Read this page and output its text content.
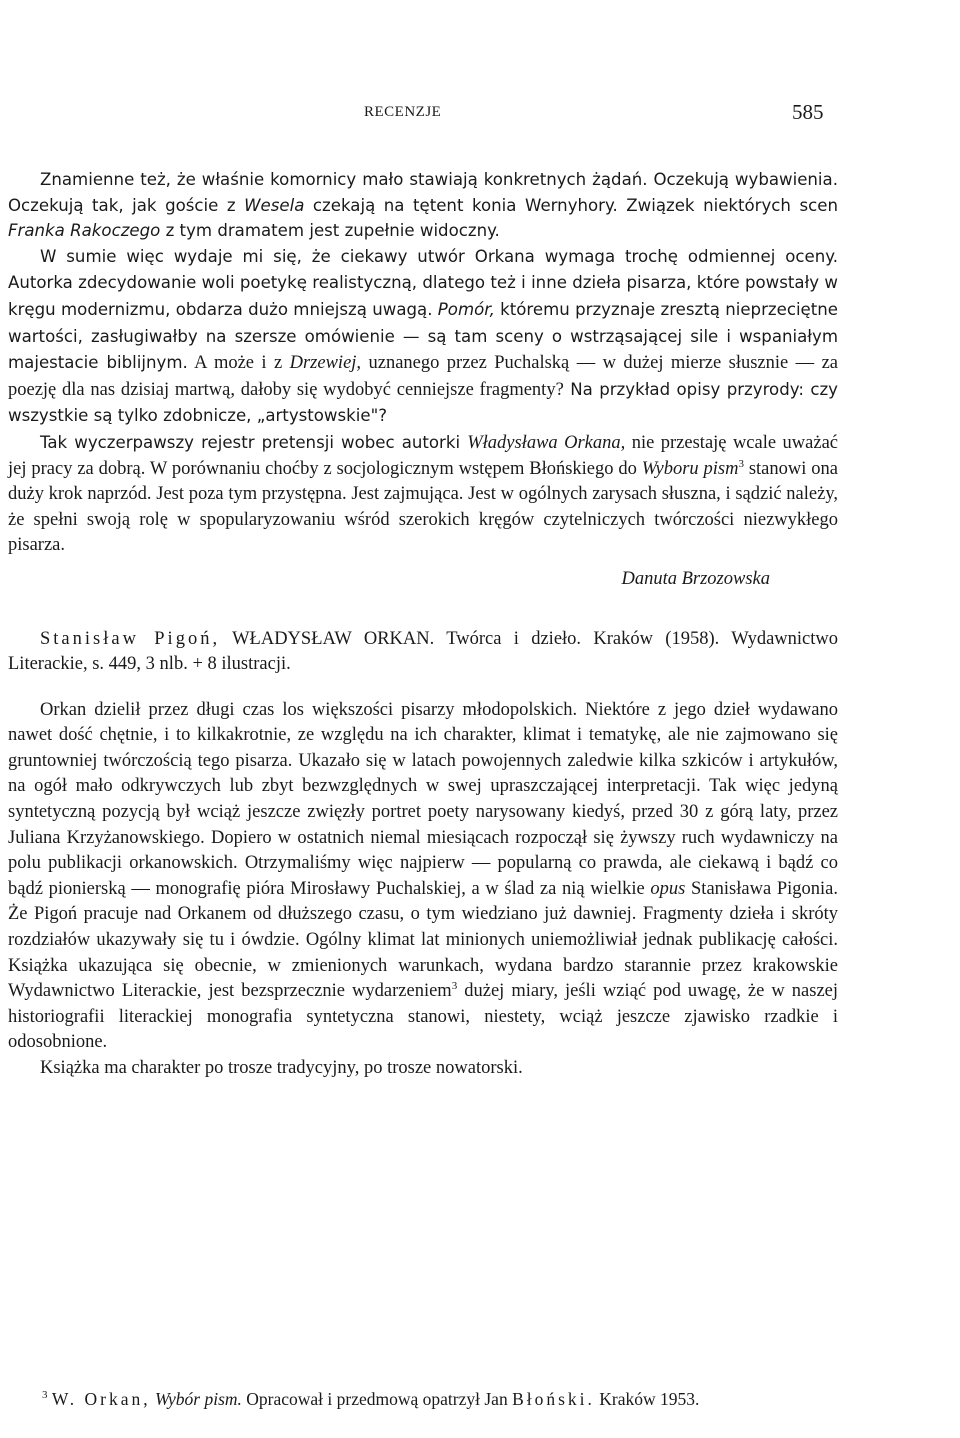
RECENZJE	585

Znamienne też, że właśnie komornicy mało stawiają konkretnych żądań. Oczekują wybawienia. Oczekują tak, jak goście z Wesela czekają na tętent konia Wernyhory. Związek niektórych scen Franka Rakoczego z tym dramatem jest zupełnie widoczny.

W sumie więc wydaje mi się, że ciekawy utwór Orkana wymaga trochę odmiennej oceny. Autorka zdecydowanie woli poetykę realistyczną, dlatego też i inne dzieła pisarza, które powstały w kręgu modernizmu, obdarza dużo mniejszą uwagą. Pomór, któremu przyznaje zresztą nieprzeciętne wartości, zasługiwałby na szersze omówienie — są tam sceny o wstrząsającej sile i wspaniałym majestacie biblijnym. A może i z Drzewiej, uznanego przez Puchalską — w dużej mierze słusznie — za poezję dla nas dzisiaj martwą, dałoby się wydobyć cenniejsze fragmenty? Na przykład opisy przyrody: czy wszystkie są tylko zdobnicze, „artystowskie"?

Tak wyczerpawszy rejestr pretensji wobec autorki Władysława Orkana, nie przestaję wcale uważać jej pracy za dobrą. W porównaniu choćby z socjologicznym wstępem Błońskiego do Wyboru pism$^3$ stanowi ona duży krok naprzód. Jest poza tym przystępna. Jest zajmująca. Jest w ogólnych zarysach słuszna, i sądzić należy, że spełni swoją rolę w spopularyzowaniu wśród szerokich kręgów czytelniczych twórczości niezwykłego pisarza.

Danuta Brzozowska

Stanisław Pigoń, WŁADYSŁAW ORKAN. Twórca i dzieło. Kraków (1958). Wydawnictwo Literackie, s. 449, 3 nlb. + 8 ilustracji.

Orkan dzielił przez długi czas los większości pisarzy młodopolskich. Niektóre z jego dzieł wydawano nawet dość chętnie, i to kilkakrotnie, ze względu na ich charakter, klimat i tematykę, ale nie zajmowano się gruntowniej twórczością tego pisarza. Ukazało się w latach powojennych zaledwie kilka szkiców i artykułów, na ogół mało odkrywczych lub zbyt bezwzględnych w swej upraszczającej interpretacji. Tak więc jedyną syntetyczną pozycją był wciąż jeszcze zwięzły portret poety narysowany kiedyś, przed 30 z górą laty, przez Juliana Krzyżanowskiego. Dopiero w ostatnich niemal miesiącach rozpoczął się żywszy ruch wydawniczy na polu publikacji orkanowskich. Otrzymaliśmy więc najpierw — popularną co prawda, ale ciekawą i bądź co bądź pionierską — monografię pióra Mirosławy Puchalskiej, a w ślad za nią wielkie opus Stanisława Pigonia. Że Pigoń pracuje nad Orkanem od dłuższego czasu, o tym wiedziano już dawniej. Fragmenty dzieła i skróty rozdziałów ukazywały się tu i ówdzie. Ogólny klimat lat minionych uniemożliwiał jednak publikację całości. Książka ukazująca się obecnie, w zmienionych warunkach, wydana bardzo starannie przez krakowskie Wydawnictwo Literackie, jest bezsprzecznie wydarzeniem$^3$ dużej miary, jeśli wziąć pod uwagę, że w naszej historiografii literackiej monografia syntetyczna stanowi, niestety, wciąż jeszcze zjawisko rzadkie i odosobnione.

Książka ma charakter po trosze tradycyjny, po trosze nowatorski.

$^3$ W. Orkan, Wybór pism. Opracował i przedmową opatrzył Jan Błoński. Kraków 1953.
